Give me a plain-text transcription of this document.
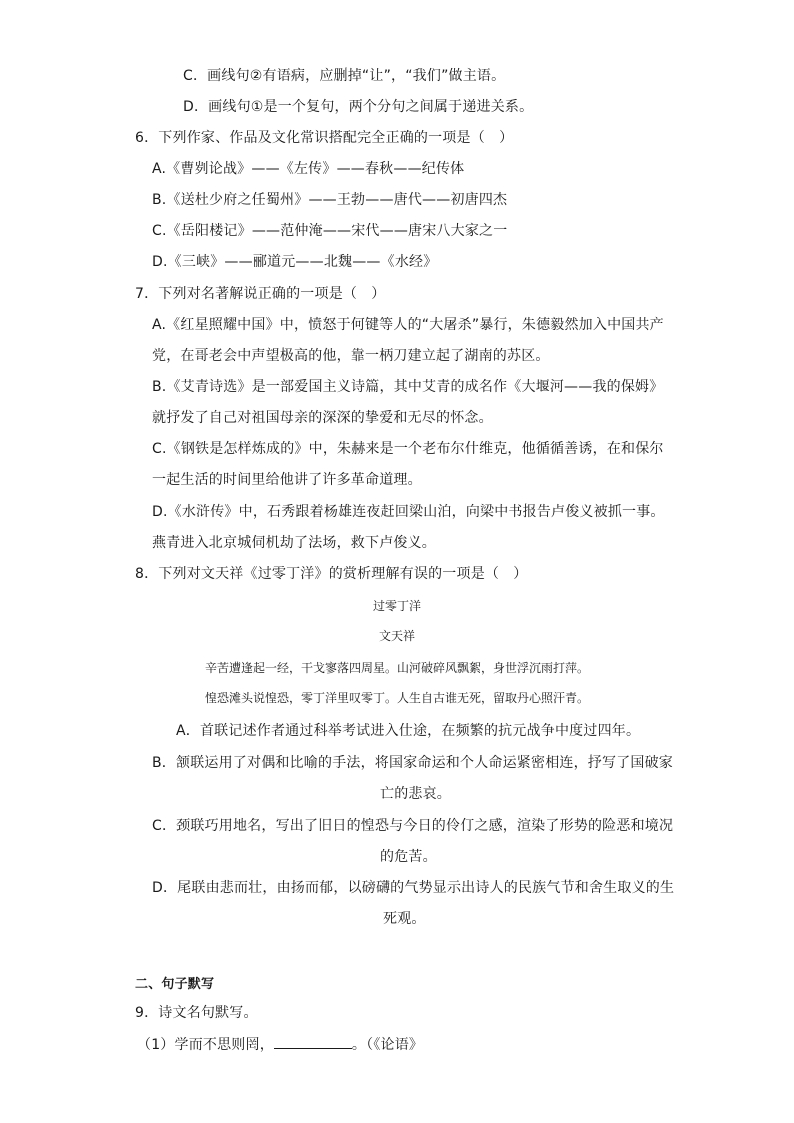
C．画线句②有语病，应删掉“让”，“我们”做主语。
D．画线句①是一个复句，两个分句之间属于递进关系。
6．下列作家、作品及文化常识搭配完全正确的一项是（　）
A.《曹刿论战》——《左传》——春秋——纪传体
B.《送杜少府之任蜀州》——王勃——唐代——初唐四杰
C.《岳阳楼记》——范仲淹——宋代——唐宋八大家之一
D.《三峡》——郦道元——北魏——《水经》
7．下列对名著解说正确的一项是（　）
A.《红星照耀中国》中，愤怒于何键等人的“大屠杀”暴行，朱德毅然加入中国共产
党，在哥老会中声望极高的他，靠一柄刀建立起了湖南的苏区。
B.《艾青诗选》是一部爱国主义诗篇，其中艾青的成名作《大堰河——我的保姆》
就抒发了自己对祖国母亲的深深的挚爱和无尽的怀念。
C.《钢铁是怎样炼成的》中，朱赫来是一个老布尔什维克，他循循善诱，在和保尔
一起生活的时间里给他讲了许多革命道理。
D.《水浒传》中，石秀跟着杨雄连夜赶回梁山泊，向梁中书报告卢俊义被抓一事。
燕青进入北京城伺机劫了法场，救下卢俊义。
8．下列对文天祥《过零丁洋》的赏析理解有误的一项是（　）
过零丁洋
文天祥
辛苦遭逢起一经，干戈寥落四周星。山河破碎风飘絮，身世浮沉雨打萍。
惶恐滩头说惶恐，零丁洋里叹零丁。人生自古谁无死，留取丹心照汗青。
A．首联记述作者通过科举考试进入仕途，在频繁的抗元战争中度过四年。
B．颔联运用了对偶和比喻的手法，将国家命运和个人命运紧密相连，抒写了国破家
亡的悲哀。
C．颈联巧用地名，写出了旧日的惶恐与今日的伶仃之感，渲染了形势的险恶和境况
的危苦。
D．尾联由悲而壮，由扬而郁，以磅礴的气势显示出诗人的民族气节和舍生取义的生
死观。
二、句子默写
9．诗文名句默写。
（1）学而不思则罔，	。（《论语》
